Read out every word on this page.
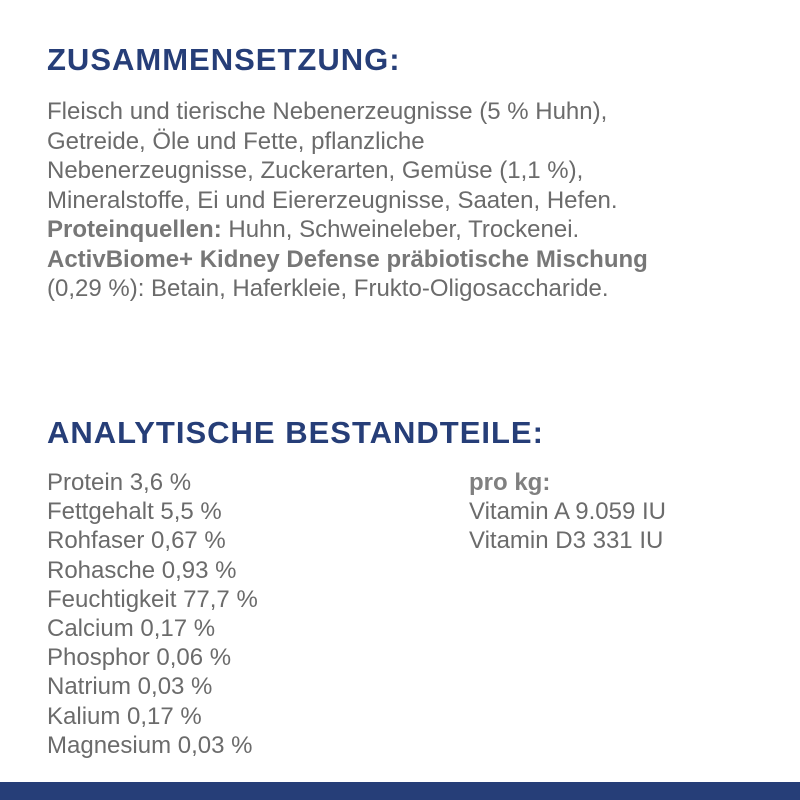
ZUSAMMENSETZUNG:

Fleisch und tierische Nebenerzeugnisse (5 % Huhn),

Getreide, Öle und Fette, pflanzliche

Nebenerzeugnisse, Zuckerarten, Gemüse (1,1 %),

Mineralstoffe, Ei und Eiererzeugnisse, Saaten, Hefen.

Proteinquellen: Huhn, Schweineleber, Trockenei.

ActivBiome+ Kidney Defense präbiotische Mischung

(0,29 %): Betain, Haferkleie, Frukto-Oligosaccharide.

ANALYTISCHE BESTANDTEILE:
Protein 3,6 %
Fettgehalt 5,5 %
Rohfaser 0,67 %
Rohasche 0,93 %
Feuchtigkeit 77,7 %
Calcium 0,17 %
Phosphor 0,06 %
Natrium 0,03 %
Kalium 0,17 %
Magnesium 0,03 %
pro kg:
Vitamin A 9.059 IU
Vitamin D3 331 IU
